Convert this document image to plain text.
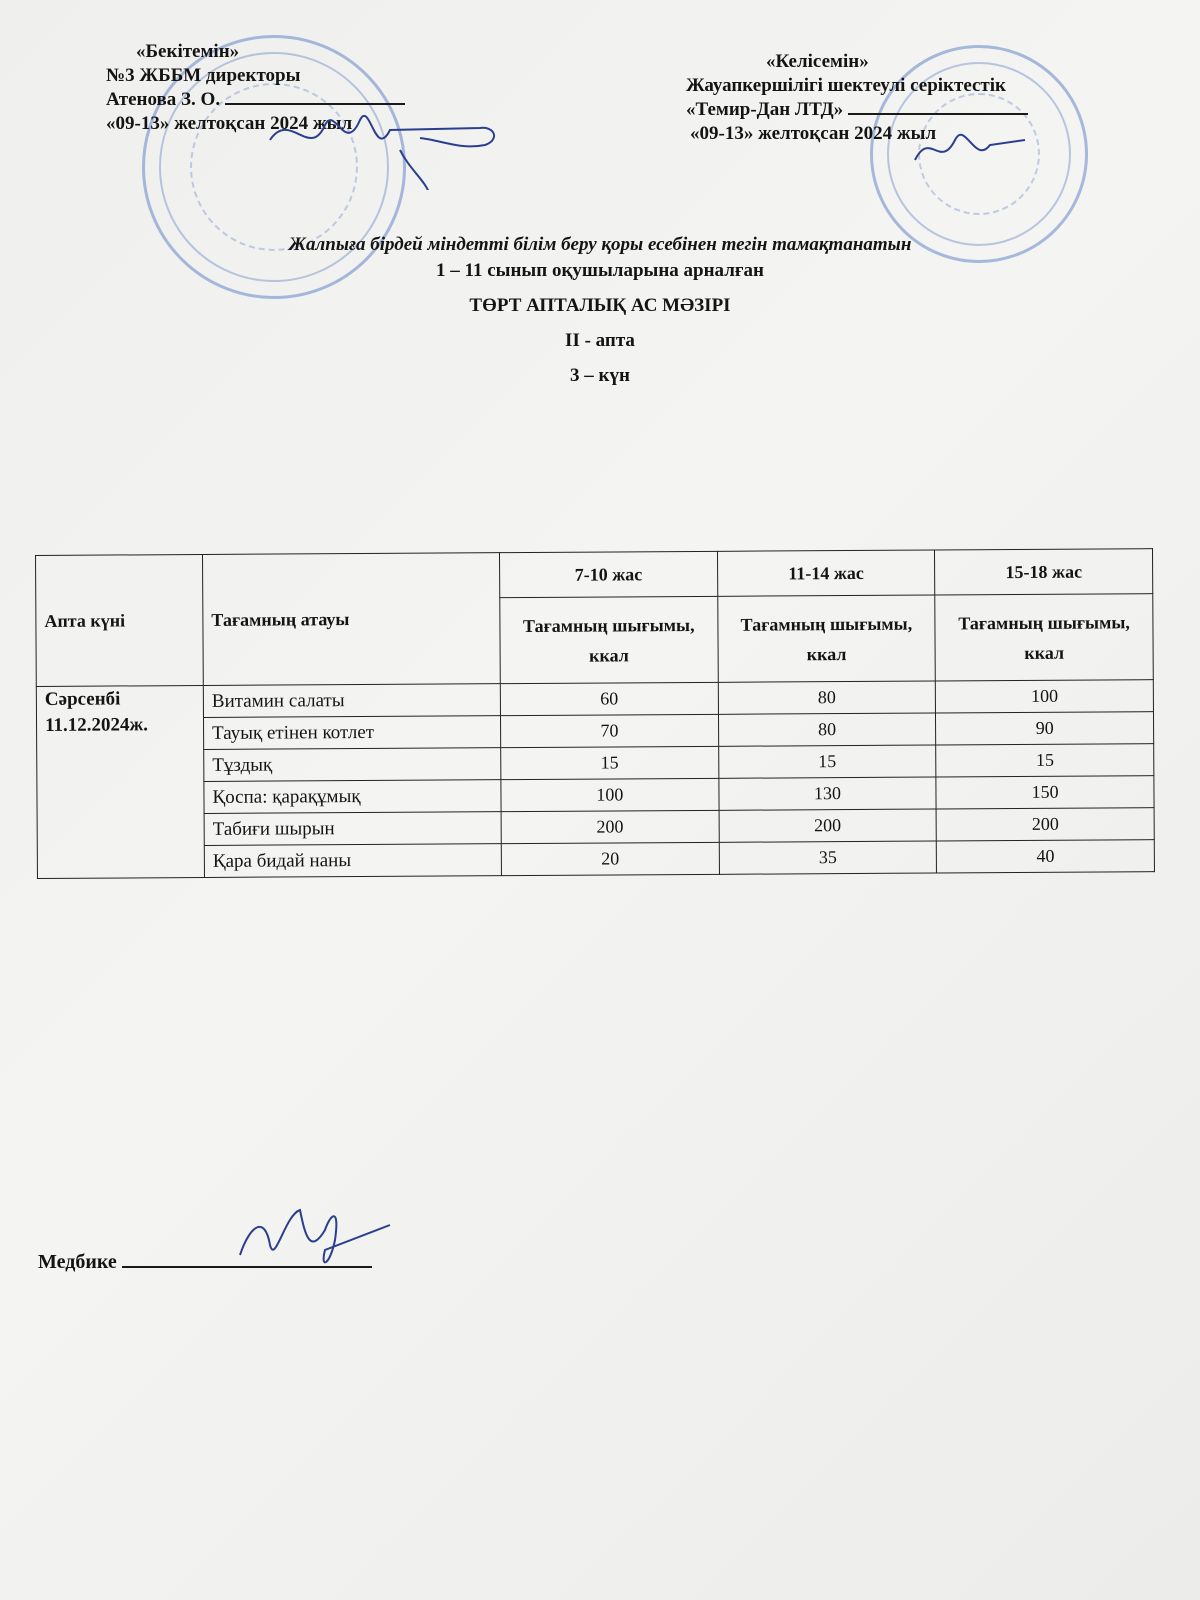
«Бекітемін»
№3 ЖББМ директоры
Атенова З. О.
«09-13» желтоқсан 2024 жыл
«Келісемін»
Жауапкершілігі шектеулі серіктестік
«Темир-Дан ЛТД»
«09-13» желтоқсан 2024 жыл
Жалпыға бірдей міндетті білім беру қоры есебінен тегін тамақтанатын
1 – 11 сынып оқушыларына арналған
ТӨРТ АПТАЛЫҚ АС МӘЗІРІ
ІІ - апта
3 – күн
Апта күні	Тағамның атауы	7-10 жас	11-14 жас	15-18 жас
		Тағамның шығымы, ккал	Тағамның шығымы, ккал	Тағамның шығымы, ккал

Сәрсенбі
11.12.2024ж.	Витамин салаты	60	80	100
	Тауық етінен котлет	70	80	90
	Тұздық	15	15	15
	Қоспа: қарақұмық	100	130	150
	Табиғи шырын	200	200	200
	Қара бидай наны	20	35	40
Медбике
